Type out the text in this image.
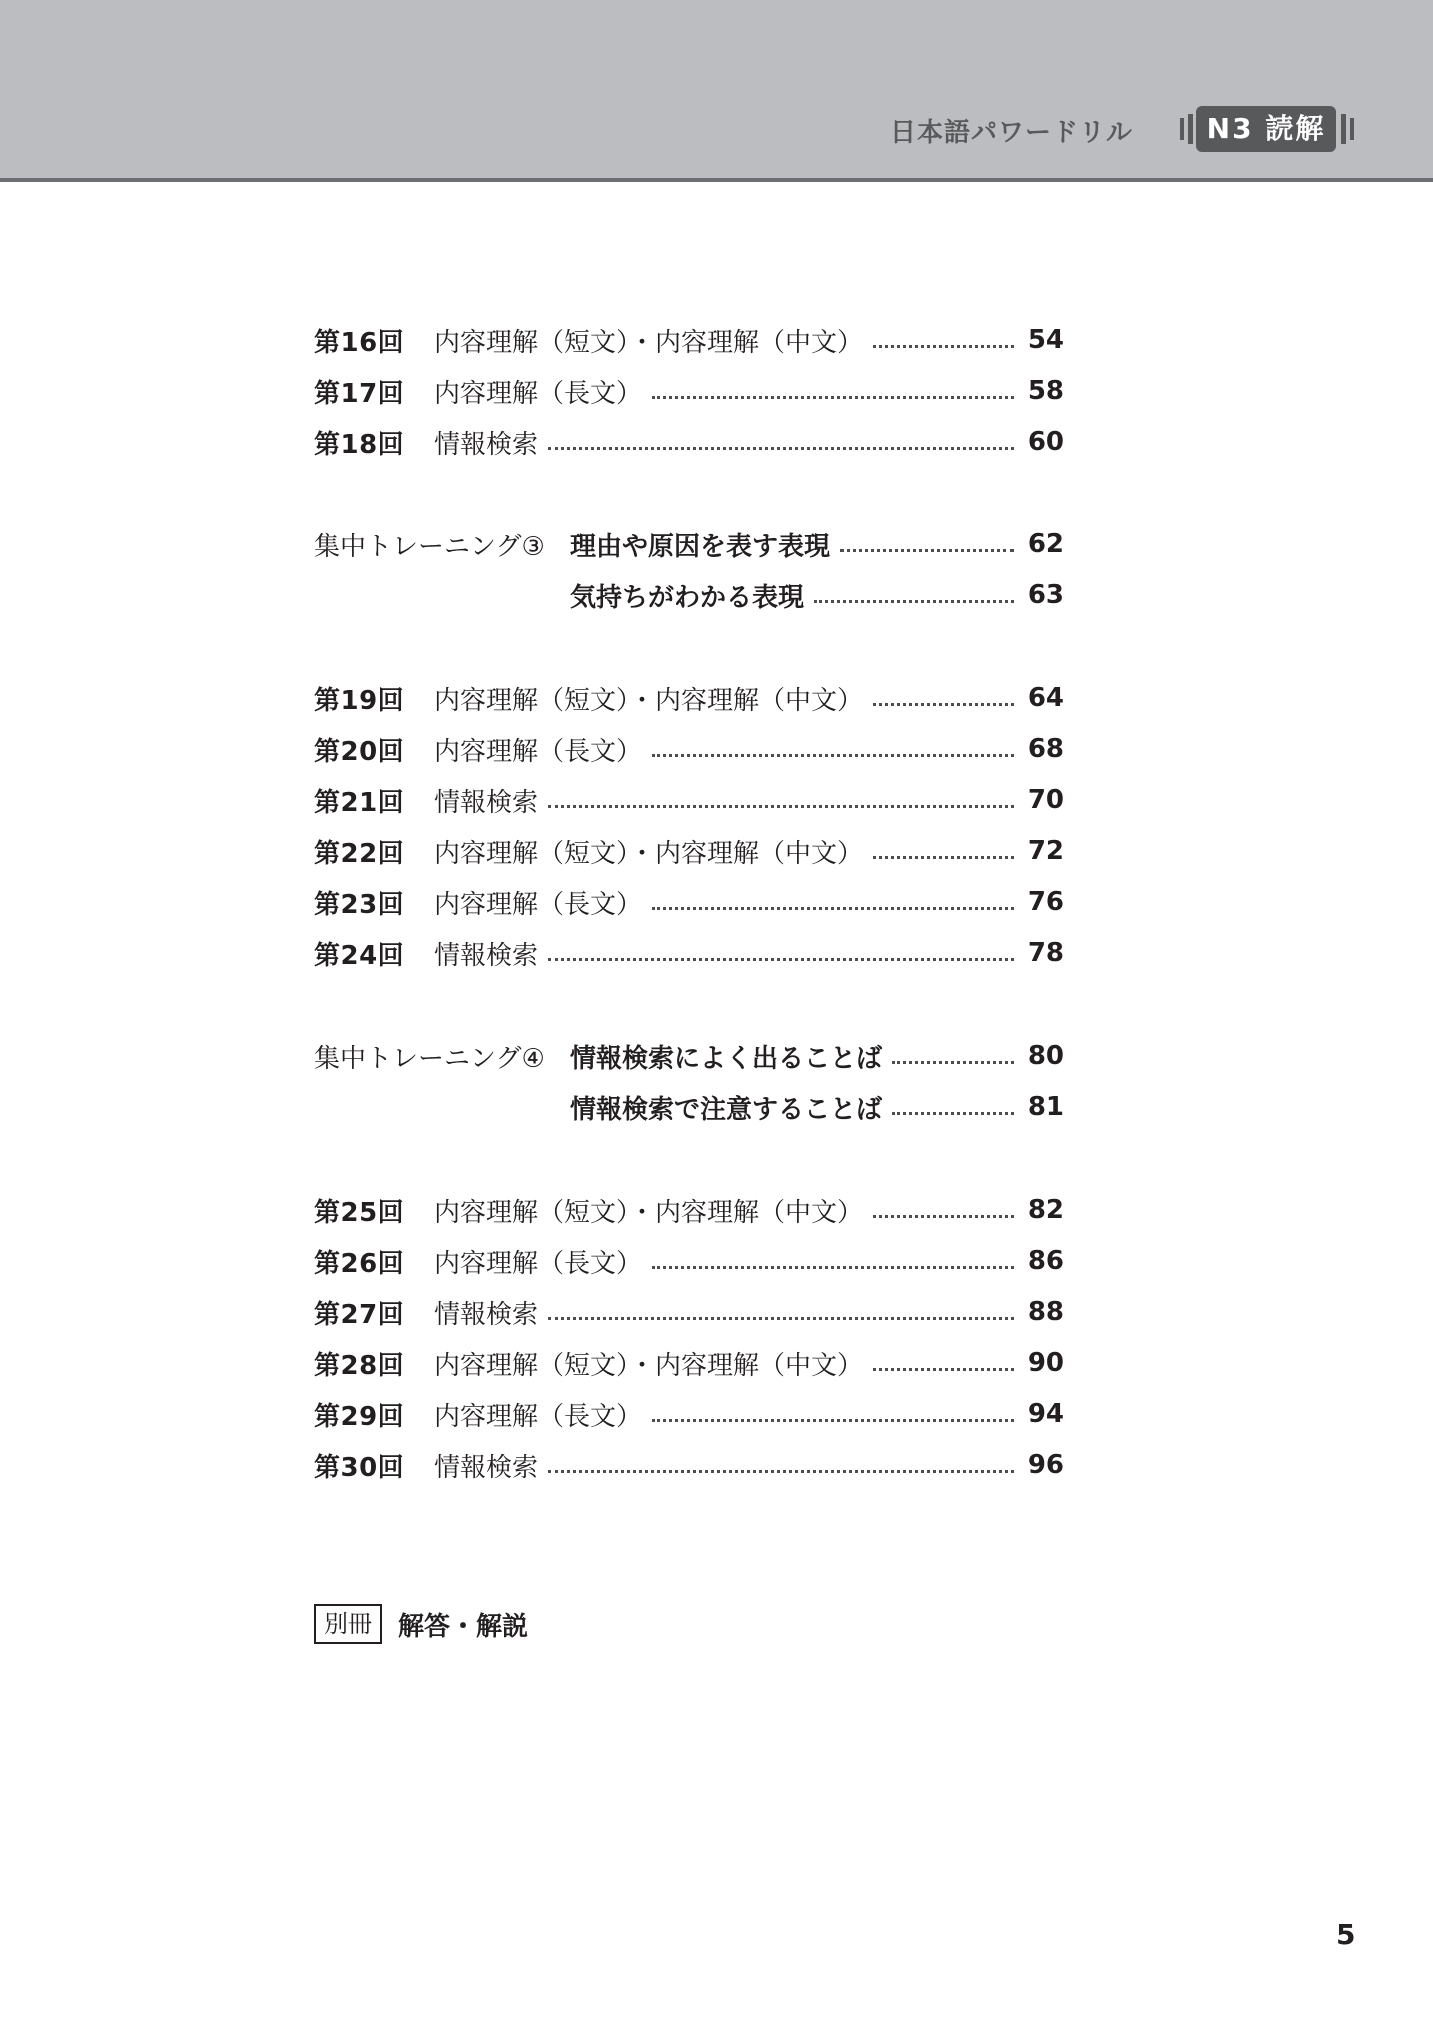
日本語パワードリル	N3 読解
第16回	内容理解（短文）・内容理解（中文）	54
第17回	内容理解（長文）	58
第18回	情報検索	60
集中トレーニング③ 理由や原因を表す表現	62
気持ちがわかる表現	63
第19回	内容理解（短文）・内容理解（中文）	64
第20回	内容理解（長文）	68
第21回	情報検索	70
第22回	内容理解（短文）・内容理解（中文）	72
第23回	内容理解（長文）	76
第24回	情報検索	78
集中トレーニング④ 情報検索によく出ることば	80
情報検索で注意することば	81
第25回	内容理解（短文）・内容理解（中文）	82
第26回	内容理解（長文）	86
第27回	情報検索	88
第28回	内容理解（短文）・内容理解（中文）	90
第29回	内容理解（長文）	94
第30回	情報検索	96
別冊	解答・解説
5
